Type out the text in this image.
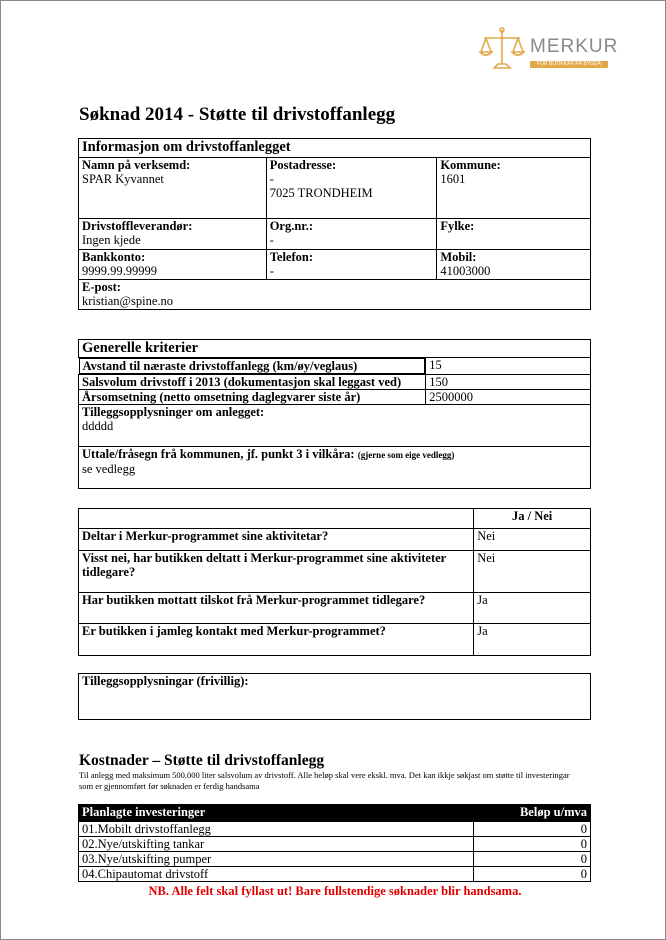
MERKUR
FOR BUTIKKAR PÅ BYGDA
Søknad 2014 - Støtte til drivstoffanlegg
Informasjon om drivstoffanlegget		

Namn på verksemd:
SPAR Kyvannet	Postadresse:
-
7025 TRONDHEIM	Kommune:
1601

Drivstoffleverandør:
Ingen kjede	Org.nr.:
-	Fylke:

Bankkonto:
9999.99.99999	Telefon:
-	Mobil:
41003000

E-post:
kristian@spine.no		
Generelle kriterier	

Avstand til næraste drivstoffanlegg (km/øy/veglaus)	15
Salsvolum drivstoff i 2013 (dokumentasjon skal leggast ved)	150
Årsomsetning (netto omsetning daglegvarer siste år)	2500000

Tilleggsopplysninger om anlegget:
ddddd	

Uttale/fråsegn frå kommunen, jf. punkt 3 i vilkåra: (gjerne som eige vedlegg)
se vedlegg	
	Ja / Nei
Deltar i Merkur-programmet sine aktivitetar?	Nei
Visst nei, har butikken deltatt i Merkur-programmet sine aktiviteter tidlegare?	Nei
Har butikken mottatt tilskot frå Merkur-programmet tidlegare?	Ja
Er butikken i jamleg kontakt med Merkur-programmet?	Ja
Tilleggsopplysningar (frivillig):
Kostnader – Støtte til drivstoffanlegg
Til anlegg med maksimum 500.000 liter salsvolum av drivstoff. Alle beløp skal vere ekskl. mva. Det kan ikkje søkjast om støtte til investeringar som er gjennomført før søknaden er ferdig handsama
Planlagte investeringer	Beløp u/mva
01.Mobilt drivstoffanlegg	0
02.Nye/utskifting tankar	0
03.Nye/utskifting pumper	0
04.Chipautomat drivstoff	0
NB. Alle felt skal fyllast ut! Bare fullstendige søknader blir handsama.
